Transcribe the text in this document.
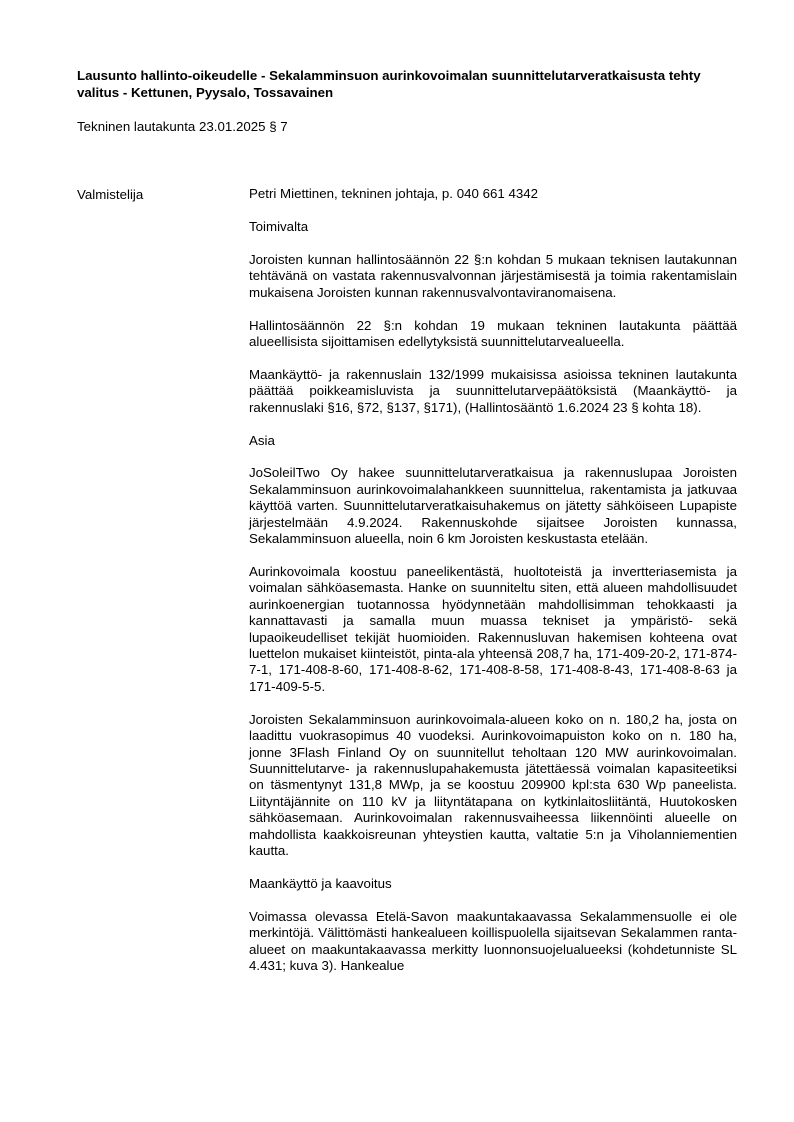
Lausunto hallinto-oikeudelle - Sekalamminsuon aurinkovoimalan suunnittelutarveratkaisusta tehty valitus - Kettunen, Pyysalo, Tossavainen
Tekninen lautakunta 23.01.2025 § 7
Valmistelija	Petri Miettinen, tekninen johtaja, p. 040 661 4342

Toimivalta

Joroisten kunnan hallintosäännön 22 §:n kohdan 5 mukaan teknisen lautakunnan tehtävänä on vastata rakennusvalvonnan järjestämisestä ja toimia rakentamislain mukaisena Joroisten kunnan rakennusvalvontaviranomaisena.

Hallintosäännön 22 §:n kohdan 19 mukaan tekninen lautakunta päättää alueellisista sijoittamisen edellytyksistä suunnittelutarvealueella.

Maankäyttö- ja rakennuslain 132/1999 mukaisissa asioissa tekninen lautakunta päättää poikkeamisluvista ja suunnittelutarvepäätöksistä (Maankäyttö- ja rakennuslaki §16, §72, §137, §171), (Hallintosääntö 1.6.2024 23 § kohta 18).

Asia

JoSoleilTwo Oy hakee suunnittelutarveratkaisua ja rakennuslupaa Joroisten Sekalamminsuon aurinkovoimalahankkeen suunnittelua, rakentamista ja jatkuvaa käyttöä varten. Suunnittelutarveratkaisuhakemus on jätetty sähköiseen Lupapiste järjestelmään 4.9.2024. Rakennuskohde sijaitsee Joroisten kunnassa, Sekalamminsuon alueella, noin 6 km Joroisten keskustasta etelään.

Aurinkovoimala koostuu paneelikentästä, huoltoteistä ja invertteriasemista ja voimalan sähköasemasta. Hanke on suunniteltu siten, että alueen mahdollisuudet aurinkoenergian tuotannossa hyödynnetään mahdollisimman tehokkaasti ja kannattavasti ja samalla muun muassa tekniset ja ympäristö- sekä lupaoikeudelliset tekijät huomioiden. Rakennusluvan hakemisen kohteena ovat luettelon mukaiset kiinteistöt, pinta-ala yhteensä 208,7 ha, 171-409-20-2, 171-874-7-1, 171-408-8-60, 171-408-8-62, 171-408-8-58, 171-408-8-43, 171-408-8-63 ja 171-409-5-5.

Joroisten Sekalamminsuon aurinkovoimala-alueen koko on n. 180,2 ha, josta on laadittu vuokrasopimus 40 vuodeksi. Aurinkovoimapuiston koko on n. 180 ha, jonne 3Flash Finland Oy on suunnitellut teholtaan 120 MW aurinkovoimalan. Suunnittelutarve- ja rakennuslupahakemusta jätettäessä voimalan kapasiteetiksi on täsmentynyt 131,8 MWp, ja se koostuu 209900 kpl:sta 630 Wp paneelista. Liityntäjännite on 110 kV ja liityntätapana on kytkinlaitosliitäntä, Huutokosken sähköasemaan. Aurinkovoimalan rakennusvaiheessa liikennöinti alueelle on mahdollista kaakkoisreunan yhteystien kautta, valtatie 5:n ja Viholanniementien kautta.

Maankäyttö ja kaavoitus

Voimassa olevassa Etelä-Savon maakuntakaavassa Sekalammensuolle ei ole merkintöjä. Välittömästi hankealueen koillispuolella sijaitsevan Sekalammen ranta-alueet on maakuntakaavassa merkitty luonnonsuojelualueeksi (kohdetunniste SL 4.431; kuva 3). Hankealue
